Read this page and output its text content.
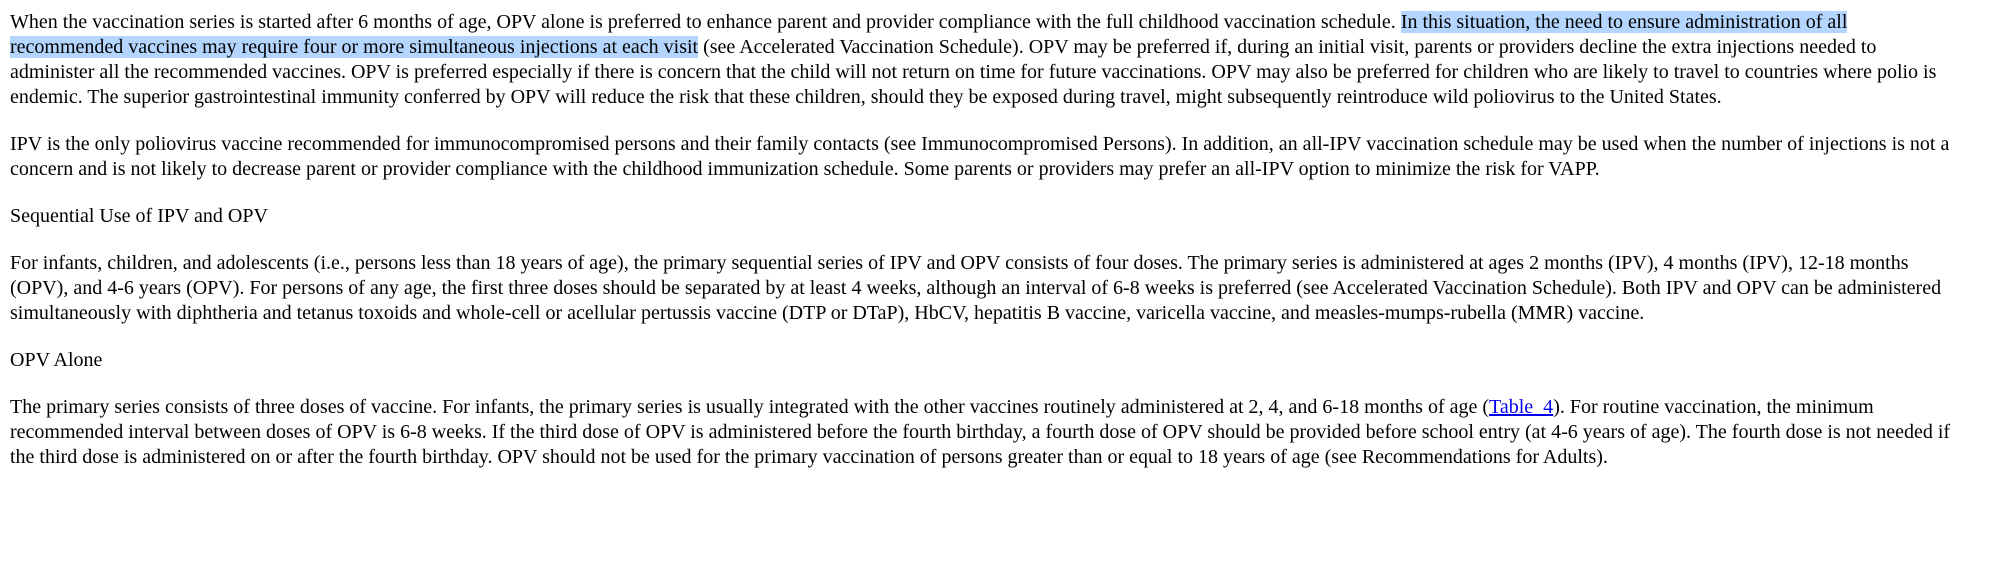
When the vaccination series is started after 6 months of age, OPV alone is preferred to enhance parent and provider compliance with the full childhood vaccination schedule. In this situation, the need to ensure administration of all recommended vaccines may require four or more simultaneous injections at each visit (see Accelerated Vaccination Schedule). OPV may be preferred if, during an initial visit, parents or providers decline the extra injections needed to administer all the recommended vaccines. OPV is preferred especially if there is concern that the child will not return on time for future vaccinations. OPV may also be preferred for children who are likely to travel to countries where polio is endemic. The superior gastrointestinal immunity conferred by OPV will reduce the risk that these children, should they be exposed during travel, might subsequently reintroduce wild poliovirus to the United States.

IPV is the only poliovirus vaccine recommended for immunocompromised persons and their family contacts (see Immunocompromised Persons). In addition, an all-IPV vaccination schedule may be used when the number of injections is not a concern and is not likely to decrease parent or provider compliance with the childhood immunization schedule. Some parents or providers may prefer an all-IPV option to minimize the risk for VAPP.

Sequential Use of IPV and OPV

For infants, children, and adolescents (i.e., persons less than 18 years of age), the primary sequential series of IPV and OPV consists of four doses. The primary series is administered at ages 2 months (IPV), 4 months (IPV), 12-18 months (OPV), and 4-6 years (OPV). For persons of any age, the first three doses should be separated by at least 4 weeks, although an interval of 6-8 weeks is preferred (see Accelerated Vaccination Schedule). Both IPV and OPV can be administered simultaneously with diphtheria and tetanus toxoids and whole-cell or acellular pertussis vaccine (DTP or DTaP), HbCV, hepatitis B vaccine, varicella vaccine, and measles-mumps-rubella (MMR) vaccine.

OPV Alone

The primary series consists of three doses of vaccine. For infants, the primary series is usually integrated with the other vaccines routinely administered at 2, 4, and 6-18 months of age (Table_4). For routine vaccination, the minimum recommended interval between doses of OPV is 6-8 weeks. If the third dose of OPV is administered before the fourth birthday, a fourth dose of OPV should be provided before school entry (at 4-6 years of age). The fourth dose is not needed if the third dose is administered on or after the fourth birthday. OPV should not be used for the primary vaccination of persons greater than or equal to 18 years of age (see Recommendations for Adults).
